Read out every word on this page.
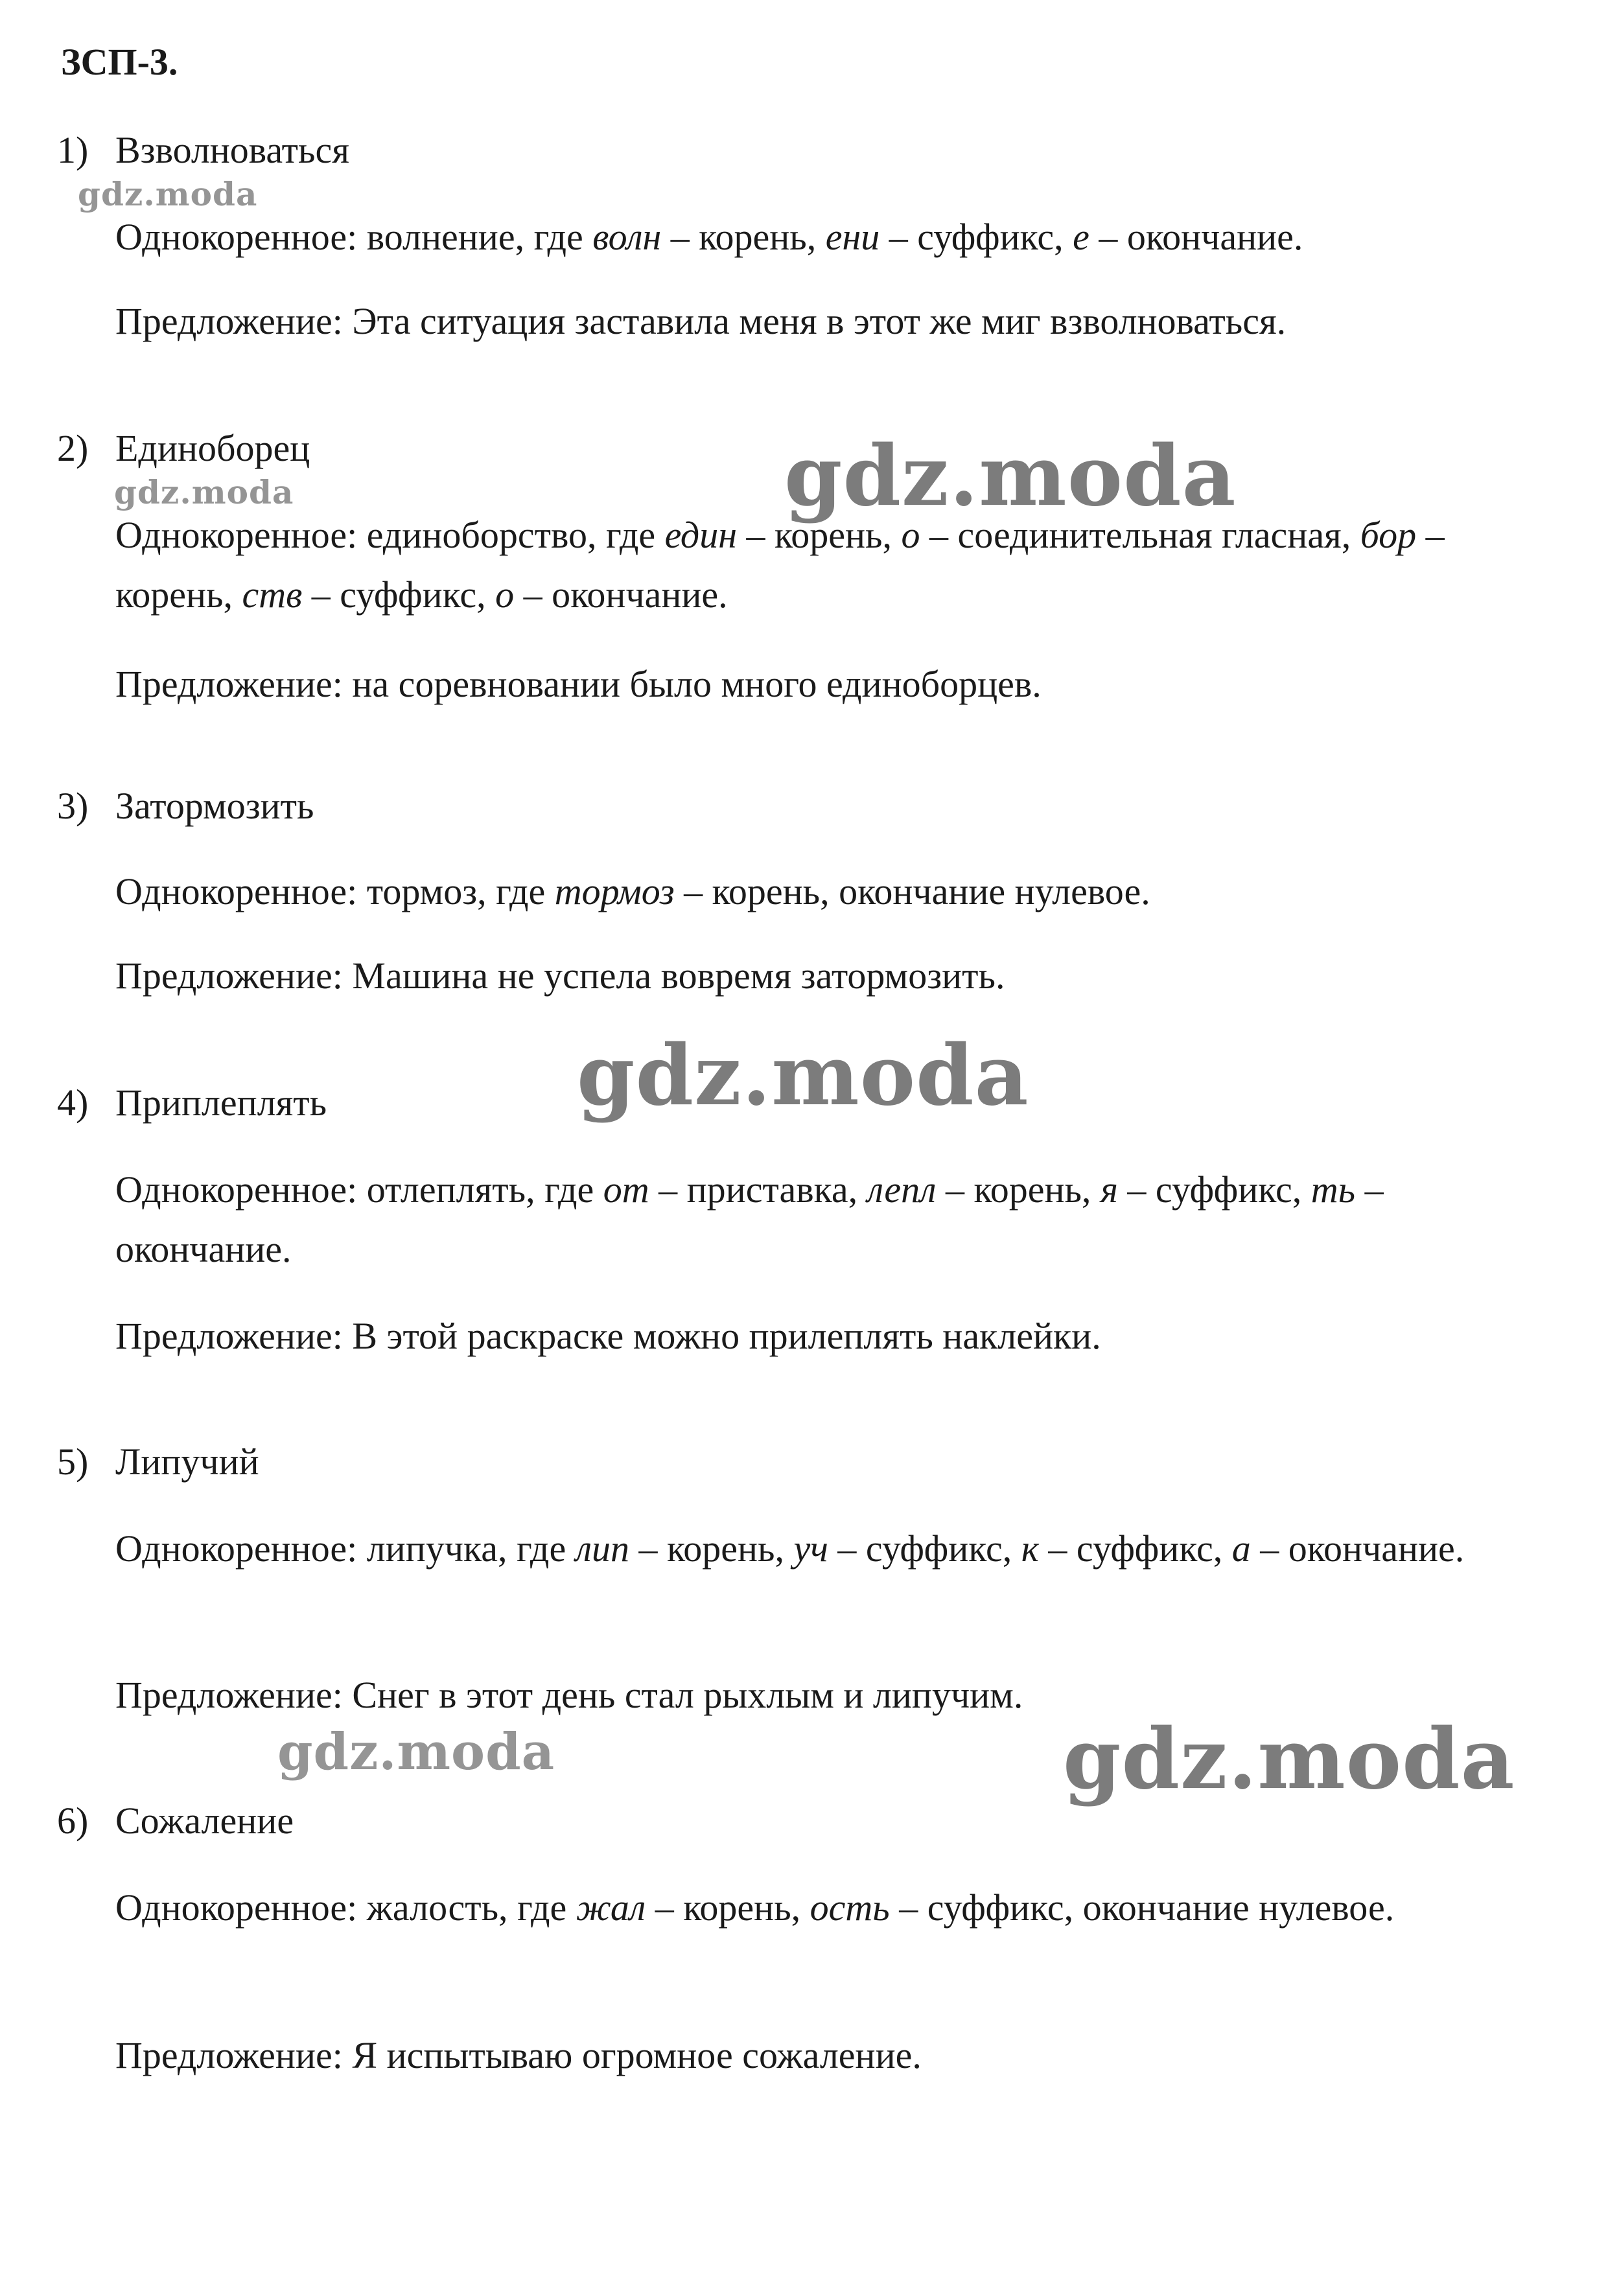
ЗСП-3.
1) Взволноваться

Однокоренное: волнение, где волн – корень, ени – суффикс, е – окончание.

Предложение: Эта ситуация заставила меня в этот же миг взволноваться.

2) Единоборец

Однокоренное: единоборство, где един – корень, о – соединительная гласная, бор – корень, ств – суффикс, о – окончание.

Предложение: на соревновании было много единоборцев.

3) Затормозить

Однокоренное: тормоз, где тормоз – корень, окончание нулевое.

Предложение: Машина не успела вовремя затормозить.

4) Приплеплять

Однокоренное: отлеплять, где от – приставка, лепл – корень, я – суффикс, ть – окончание.

Предложение: В этой раскраске можно прилеплять наклейки.

5) Липучий

Однокоренное: липучка, где лип – корень, уч – суффикс, к – суффикс, а – окончание.

Предложение: Снег в этот день стал рыхлым и липучим.

6) Сожаление

Однокоренное: жалость, где жал – корень, ость – суффикс, окончание нулевое.

Предложение: Я испытываю огромное сожаление.

gdz.moda
gdz.moda	gdz.moda
gdz.moda
gdz.moda	gdz.moda
